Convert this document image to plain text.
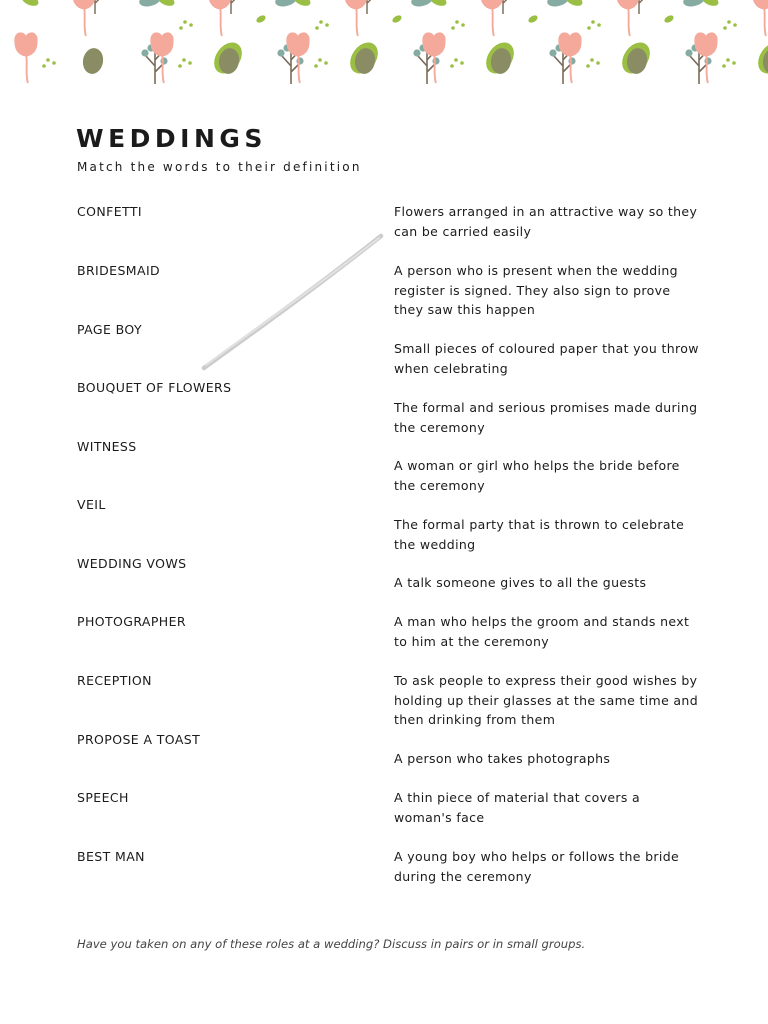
WEDDINGS

Match the words to their definition

CONFETTI
BRIDESMAID
PAGE BOY
BOUQUET OF FLOWERS
WITNESS
VEIL
WEDDING VOWS
PHOTOGRAPHER
RECEPTION
PROPOSE A TOAST
SPEECH
BEST MAN
Flowers arranged in an attractive way so they can be carried easily
A person who is present when the wedding register is signed. They also sign to prove they saw this happen
Small pieces of coloured paper that you throw when celebrating
The formal and serious promises made during the ceremony
A woman or girl who helps the bride before the ceremony
The formal party that is thrown to celebrate the wedding
A talk someone gives to all the guests
A man who helps the groom and stands next to him at the ceremony
To ask people to express their good wishes by holding up their glasses at the same time and then drinking from them
A person who takes photographs
A thin piece of material that covers a woman's face
A young boy who helps or follows the bride during the ceremony

Have you taken on any of these roles at a wedding? Discuss in pairs or in small groups.
